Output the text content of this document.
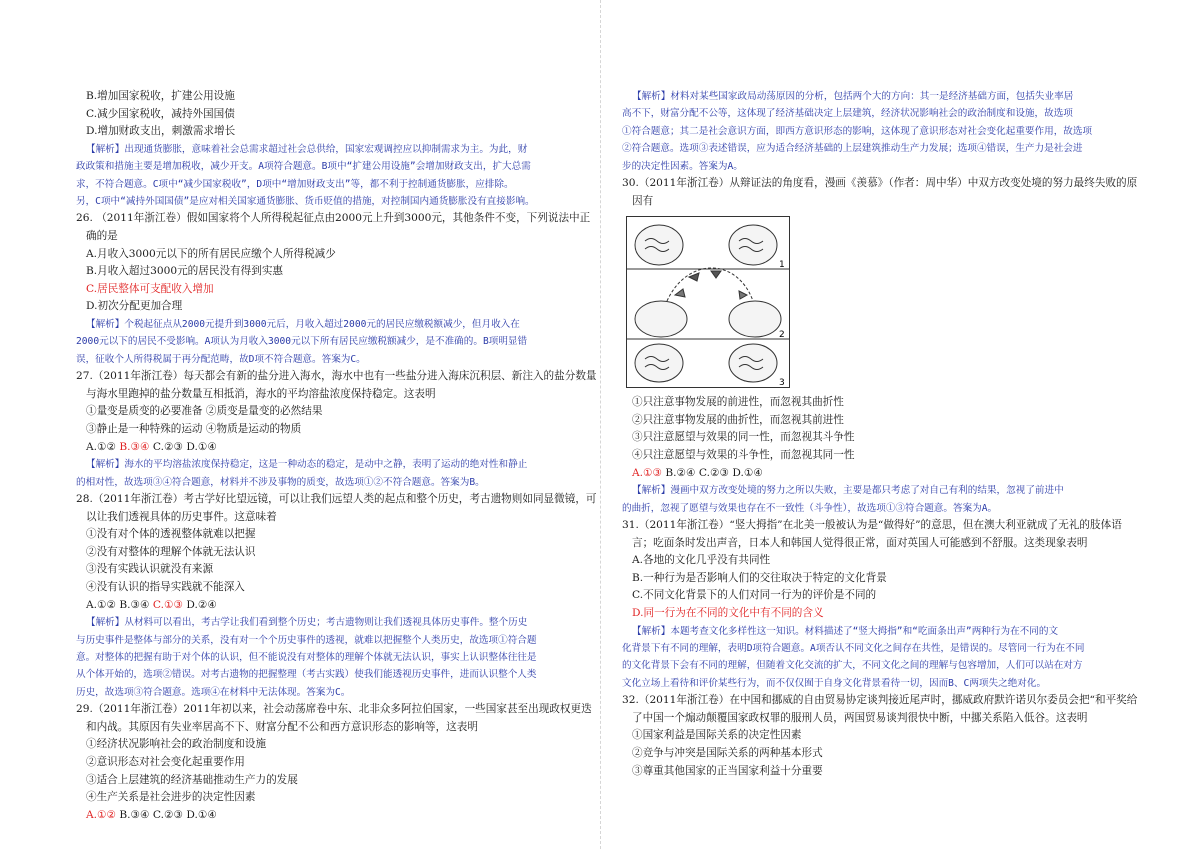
B.增加国家税收，扩建公用设施
C.减少国家税收，减持外国国债
D.增加财政支出，刺激需求增长
【解析】出现通货膨胀，意味着社会总需求超过社会总供给，国家宏观调控应以抑制需求为主。为此，财
政政策和措施主要是增加税收，减少开支。A项符合题意。B项中“扩建公用设施”会增加财政支出，扩大总需
求，不符合题意。C项中“减少国家税收”，D项中“增加财政支出”等，都不利于控制通货膨胀，应排除。
另，C项中“减持外国国债”是应对相关国家通货膨胀、货币贬值的措施，对控制国内通货膨胀没有直接影响。
26. （2011年浙江卷）假如国家将个人所得税起征点由2000元上升到3000元，其他条件不变，下列说法中正
确的是
A.月收入3000元以下的所有居民应缴个人所得税减少
B.月收入超过3000元的居民没有得到实惠
C.居民整体可支配收入增加
D.初次分配更加合理
【解析】个税起征点从2000元提升到3000元后，月收入超过2000元的居民应缴税额减少，但月收入在
2000元以下的居民不受影响。A项认为月收入3000元以下所有居民应缴税额减少，是不准确的。B项明显错
误，征收个人所得税属于再分配范畴，故D项不符合题意。答案为C。
27.（2011年浙江卷）每天都会有新的盐分进入海水，海水中也有一些盐分进入海床沉积层、新注入的盐分数量
与海水里跑掉的盐分数量互相抵消，海水的平均溶盐浓度保持稳定。这表明
①量变是质变的必要准备 ②质变是量变的必然结果
③静止是一种特殊的运动 ④物质是运动的物质
A.①② B.③④ C.②③ D.①④
【解析】海水的平均溶盐浓度保持稳定，这是一种动态的稳定，是动中之静，表明了运动的绝对性和静止
的相对性，故选项③④符合题意，材料并不涉及事物的质变，故选项①②不符合题意。答案为B。
28.（2011年浙江卷）考古学好比望远镜，可以让我们远望人类的起点和整个历史，考古遗物则如同显微镜，可
以让我们透视具体的历史事件。这意味着
①没有对个体的透视整体就难以把握
②没有对整体的理解个体就无法认识
③没有实践认识就没有来源
④没有认识的指导实践就不能深入
A.①② B.③④ C.①③ D.②④
【解析】从材料可以看出，考古学让我们看到整个历史；考古遗物则让我们透视具体历史事件。整个历史
与历史事件是整体与部分的关系，没有对一个个历史事件的透视，就难以把握整个人类历史，故选项①符合题
意。对整体的把握有助于对个体的认识，但不能说没有对整体的理解个体就无法认识，事实上认识整体往往是
从个体开始的，选项②错误。对考古遗物的把握整理（考古实践）使我们能透视历史事件，进而认识整个人类
历史，故选项③符合题意。选项④在材料中无法体现。答案为C。
29.（2011年浙江卷）2011年初以来，社会动荡席卷中东、北非众多阿拉伯国家，一些国家甚至出现政权更迭
和内战。其原因有失业率居高不下、财富分配不公和西方意识形态的影响等，这表明
①经济状况影响社会的政治制度和设施
②意识形态对社会变化起重要作用
③适合上层建筑的经济基础推动生产力的发展
④生产关系是社会进步的决定性因素
A.①② B.③④ C.②③ D.①④
【解析】材料对某些国家政局动荡原因的分析，包括两个大的方向：其一是经济基础方面，包括失业率居
高不下，财富分配不公等，这体现了经济基础决定上层建筑，经济状况影响社会的政治制度和设施，故选项
①符合题意；其二是社会意识方面，即西方意识形态的影响，这体现了意识形态对社会变化起重要作用，故选项
②符合题意。选项③表述错误，应为适合经济基础的上层建筑推动生产力发展；选项④错误，生产力是社会进
步的决定性因素。答案为A。
30.（2011年浙江卷）从辩证法的角度看，漫画《羡慕》（作者：周中华）中双方改变处境的努力最终失败的原
因有
1
2
3
①只注意事物发展的前进性，而忽视其曲折性
②只注意事物发展的曲折性，而忽视其前进性
③只注意愿望与效果的同一性，而忽视其斗争性
④只注意愿望与效果的斗争性，而忽视其同一性
A.①③ B.②④ C.②③ D.①④
【解析】漫画中双方改变处境的努力之所以失败，主要是都只考虑了对自己有利的结果，忽视了前进中
的曲折，忽视了愿望与效果也存在不一致性（斗争性），故选项①③符合题意。答案为A。
31.（2011年浙江卷）“竖大拇指”在北美一般被认为是“做得好”的意思，但在澳大利亚就成了无礼的肢体语
言；吃面条时发出声音，日本人和韩国人觉得很正常，面对英国人可能感到不舒服。这类现象表明
A.各地的文化几乎没有共同性
B.一种行为是否影响人们的交往取决于特定的文化背景
C.不同文化背景下的人们对同一行为的评价是不同的
D.同一行为在不同的文化中有不同的含义
【解析】本题考查文化多样性这一知识。材料描述了“竖大拇指”和“吃面条出声”两种行为在不同的文
化背景下有不同的理解，表明D项符合题意。A项否认不同文化之间存在共性，是错误的。尽管同一行为在不同
的文化背景下会有不同的理解，但随着文化交流的扩大，不同文化之间的理解与包容增加，人们可以站在对方
文化立场上看待和评价某些行为，而不仅仅囿于自身文化背景看待一切，因而B、C两项失之绝对化。
32.（2011年浙江卷）在中国和挪威的自由贸易协定谈判接近尾声时，挪威政府默许诺贝尔委员会把“和平奖给
了中国一个煽动颠覆国家政权罪的服刑人员，两国贸易谈判很快中断，中挪关系陷入低谷。这表明
①国家利益是国际关系的决定性因素
②竞争与冲突是国际关系的两种基本形式
③尊重其他国家的正当国家利益十分重要
